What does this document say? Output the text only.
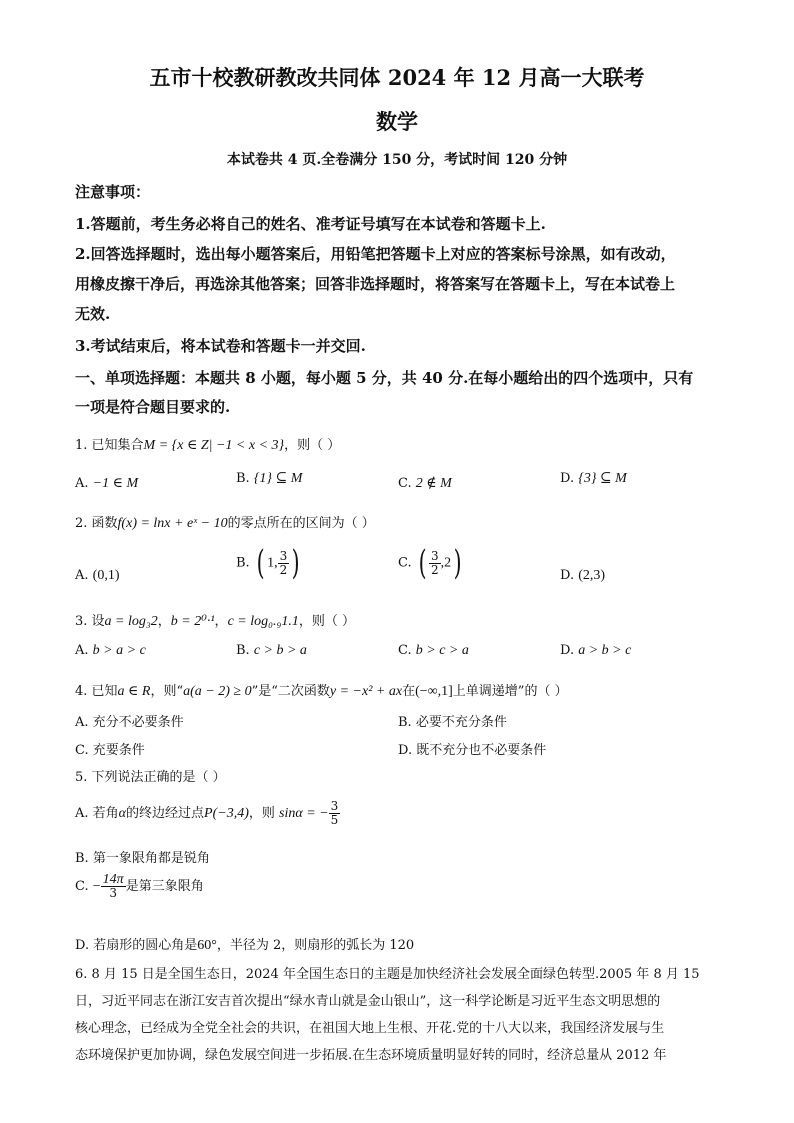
五市十校教研教改共同体 2024 年 12 月高一大联考
数学
本试卷共 4 页.全卷满分 150 分，考试时间 120 分钟
注意事项：
1.答题前，考生务必将自己的姓名、准考证号填写在本试卷和答题卡上.
2.回答选择题时，选出每小题答案后，用铅笔把答题卡上对应的答案标号涂黑，如有改动，
用橡皮擦干净后，再选涂其他答案；回答非选择题时，将答案写在答题卡上，写在本试卷上
无效.
3.考试结束后，将本试卷和答题卡一并交回.
一、单项选择题：本题共 8 小题，每小题 5 分，共 40 分.在每小题给出的四个选项中，只有
一项是符合题目要求的.
1. 已知集合M = {x ∈ Z| −1 < x < 3}，则（ ）
A. −1 ∈ M	B. {1} ⊆ M	C. 2 ∉ M	D. {3} ⊆ M
2. 函数f(x) = lnx + eˣ − 10的零点所在的区间为（ ）
A. (0,1)
B. ( 1, $\frac{3}{2}$ )	C. ( $\frac{3}{2} ,2$)	D. (2,3)
3. 设a = log₃2，b = 2⁰·¹，c = log₀.₉1.1，则（ ）
A. b > a > c	B. c > b > a	C. b > c > a	D. a > b > c
4. 已知a ∈ R，则“a(a − 2) ≥ 0”是“二次函数y = −x² + ax在(−∞,1]上单调递增”的（ ）
A. 充分不必要条件	B. 必要不充分条件
C. 充要条件	D. 既不充分也不必要条件
5. 下列说法正确的是（ ）
A. 若角α的终边经过点P(−3,4)，则 sinα = − $\frac{3}{5}$
B. 第一象限角都是锐角
C. − $\frac{14\pi}{3}$ 是第三象限角
D. 若扇形的圆心角是60°，半径为 2，则扇形的弧长为 120
6. 8 月 15 日是全国生态日，2024 年全国生态日的主题是加快经济社会发展全面绿色转型.2005 年 8 月 15
日，习近平同志在浙江安吉首次提出“绿水青山就是金山银山”，这一科学论断是习近平生态文明思想的
核心理念，已经成为全党全社会的共识，在祖国大地上生根、开花.党的十八大以来，我国经济发展与生
态环境保护更加协调，绿色发展空间进一步拓展.在生态环境质量明显好转的同时，经济总量从 2012 年
